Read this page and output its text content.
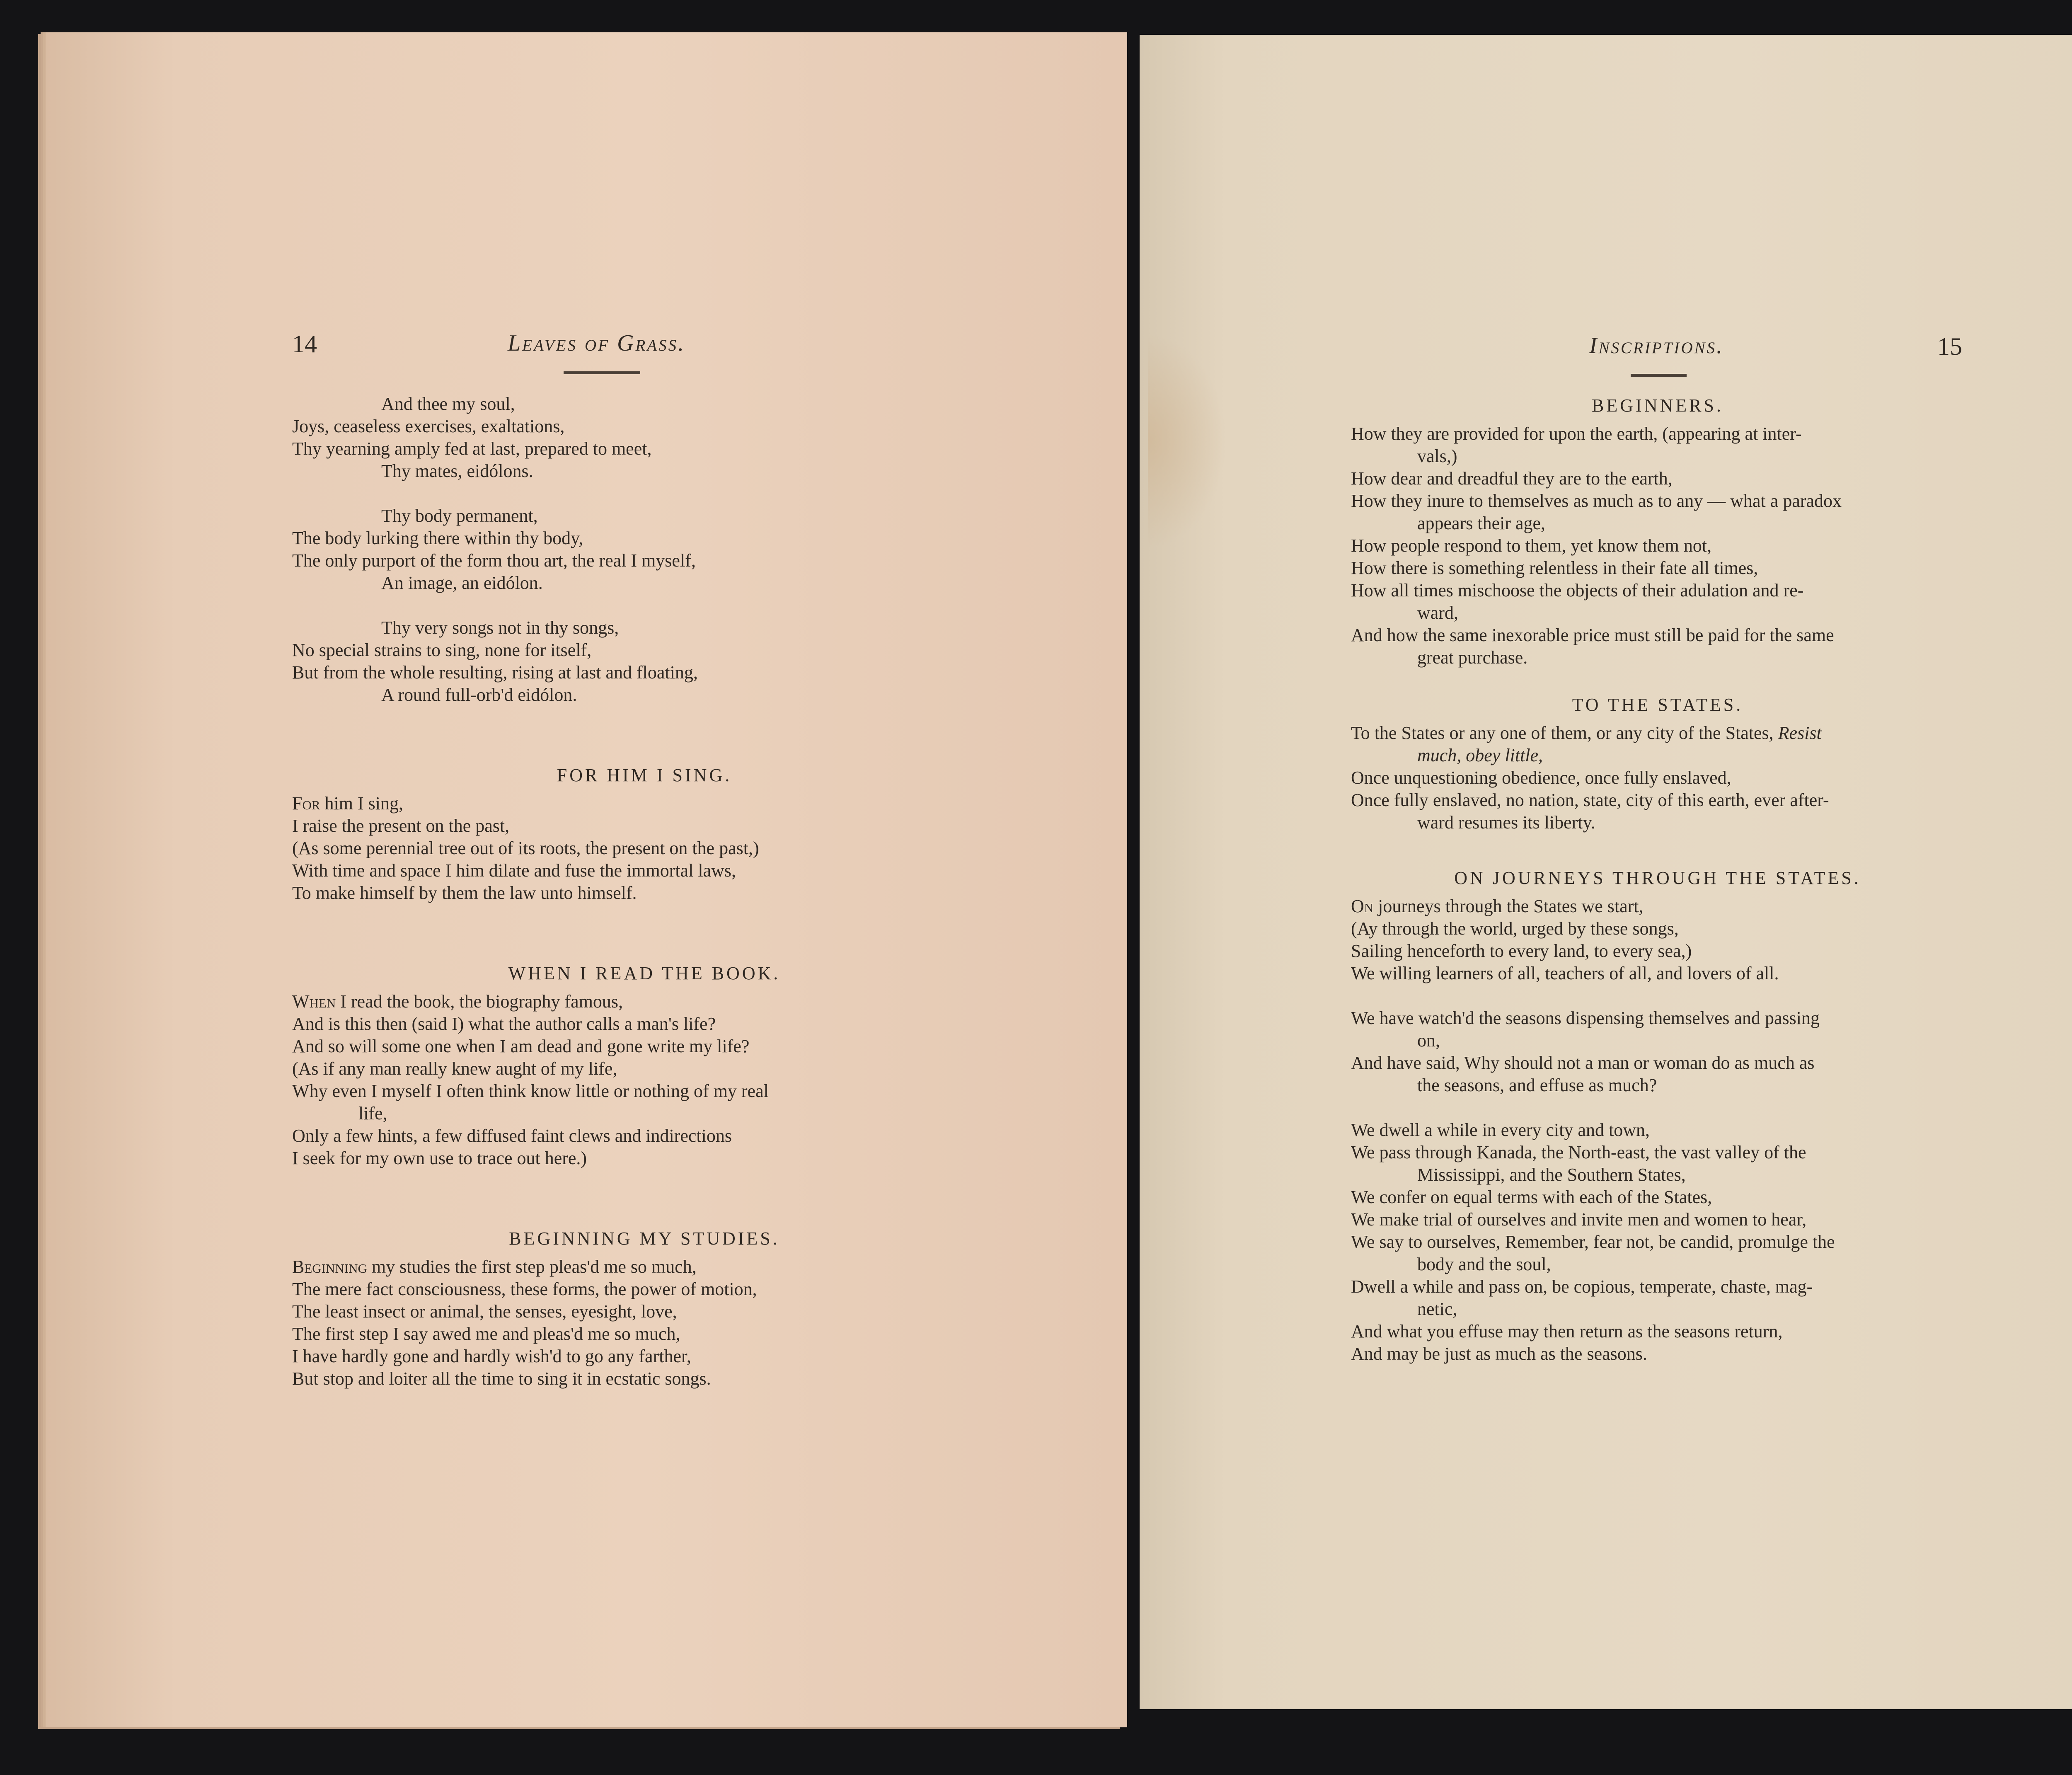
14	Leaves of Grass.
And thee my soul,
Joys, ceaseless exercises, exaltations,
Thy yearning amply fed at last, prepared to meet,
Thy mates, eidólons.
Thy body permanent,
The body lurking there within thy body,
The only purport of the form thou art, the real I myself,
An image, an eidólon.
Thy very songs not in thy songs,
No special strains to sing, none for itself,
But from the whole resulting, rising at last and floating,
A round full-orb'd eidólon.
FOR HIM I SING.
For him I sing,
I raise the present on the past,
(As some perennial tree out of its roots, the present on the past,)
With time and space I him dilate and fuse the immortal laws,
To make himself by them the law unto himself.
WHEN I READ THE BOOK.
When I read the book, the biography famous,
And is this then (said I) what the author calls a man's life?
And so will some one when I am dead and gone write my life?
(As if any man really knew aught of my life,
Why even I myself I often think know little or nothing of my real
life,
Only a few hints, a few diffused faint clews and indirections
I seek for my own use to trace out here.)
BEGINNING MY STUDIES.
Beginning my studies the first step pleas'd me so much,
The mere fact consciousness, these forms, the power of motion,
The least insect or animal, the senses, eyesight, love,
The first step I say awed me and pleas'd me so much,
I have hardly gone and hardly wish'd to go any farther,
But stop and loiter all the time to sing it in ecstatic songs.
Inscriptions.	15
BEGINNERS.
How they are provided for upon the earth, (appearing at inter-
vals,)
How dear and dreadful they are to the earth,
How they inure to themselves as much as to any — what a paradox
appears their age,
How people respond to them, yet know them not,
How there is something relentless in their fate all times,
How all times mischoose the objects of their adulation and re-
ward,
And how the same inexorable price must still be paid for the same
great purchase.
TO THE STATES.
To the States or any one of them, or any city of the States, Resist
much, obey little,
Once unquestioning obedience, once fully enslaved,
Once fully enslaved, no nation, state, city of this earth, ever after-
ward resumes its liberty.
ON JOURNEYS THROUGH THE STATES.
On journeys through the States we start,
(Ay through the world, urged by these songs,
Sailing henceforth to every land, to every sea,)
We willing learners of all, teachers of all, and lovers of all.
We have watch'd the seasons dispensing themselves and passing
on,
And have said, Why should not a man or woman do as much as
the seasons, and effuse as much?
We dwell a while in every city and town,
We pass through Kanada, the North-east, the vast valley of the
Mississippi, and the Southern States,
We confer on equal terms with each of the States,
We make trial of ourselves and invite men and women to hear,
We say to ourselves, Remember, fear not, be candid, promulge the
body and the soul,
Dwell a while and pass on, be copious, temperate, chaste, mag-
netic,
And what you effuse may then return as the seasons return,
And may be just as much as the seasons.
